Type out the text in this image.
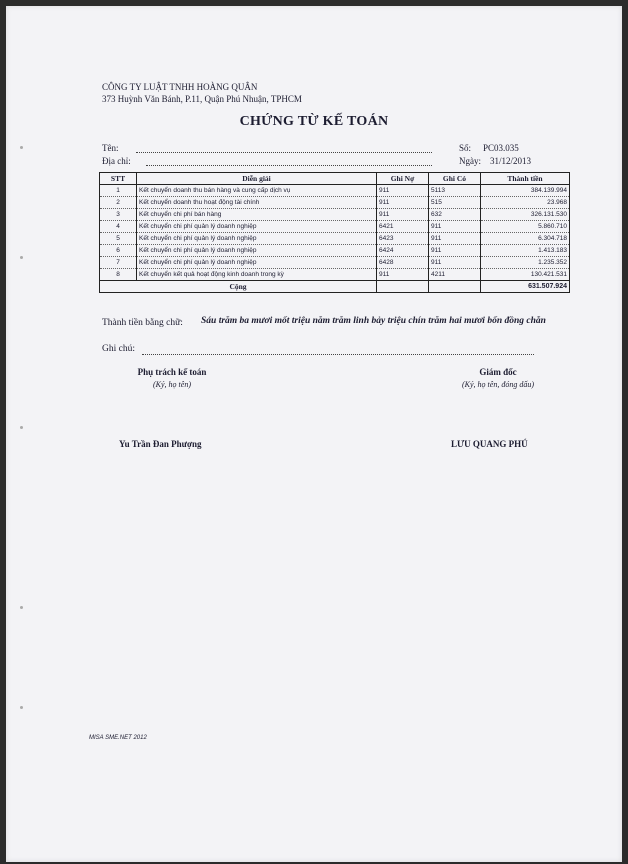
CÔNG TY LUẬT TNHH HOÀNG QUÂN
373 Huỳnh Văn Bánh, P.11, Quận Phú Nhuận, TPHCM
CHỨNG TỪ KẾ TOÁN
Tên:
Địa chỉ:
Số: PC03.035
Ngày: 31/12/2013
STT	Diễn giải	Ghi Nợ	Ghi Có	Thành tiền
1	Kết chuyển doanh thu bán hàng và cung cấp dịch vụ	911	5113	384.139.994
2	Kết chuyển doanh thu hoạt động tài chính	911	515	23.968
3	Kết chuyển chi phí bán hàng	911	632	326.131.530
4	Kết chuyển chi phí quản lý doanh nghiệp	6421	911	5.860.710
5	Kết chuyển chi phí quản lý doanh nghiệp	6423	911	6.304.718
6	Kết chuyển chi phí quản lý doanh nghiệp	6424	911	1.413.183
7	Kết chuyển chi phí quản lý doanh nghiệp	6428	911	1.235.352
8	Kết chuyển kết quả hoạt động kinh doanh trong kỳ	911	4211	130.421.531
Cộng				631.507.924
Thành tiền bằng chữ: Sáu trăm ba mươi mốt triệu năm trăm linh bảy triệu chín trăm hai mươi bốn đồng chẵn
Ghi chú:
Phụ trách kế toán
(Ký, họ tên)
Giám đốc
(Ký, họ tên, đóng dấu)
Yu Trần Đan Phượng	LƯU QUANG PHÚ
MISA SME.NET 2012
